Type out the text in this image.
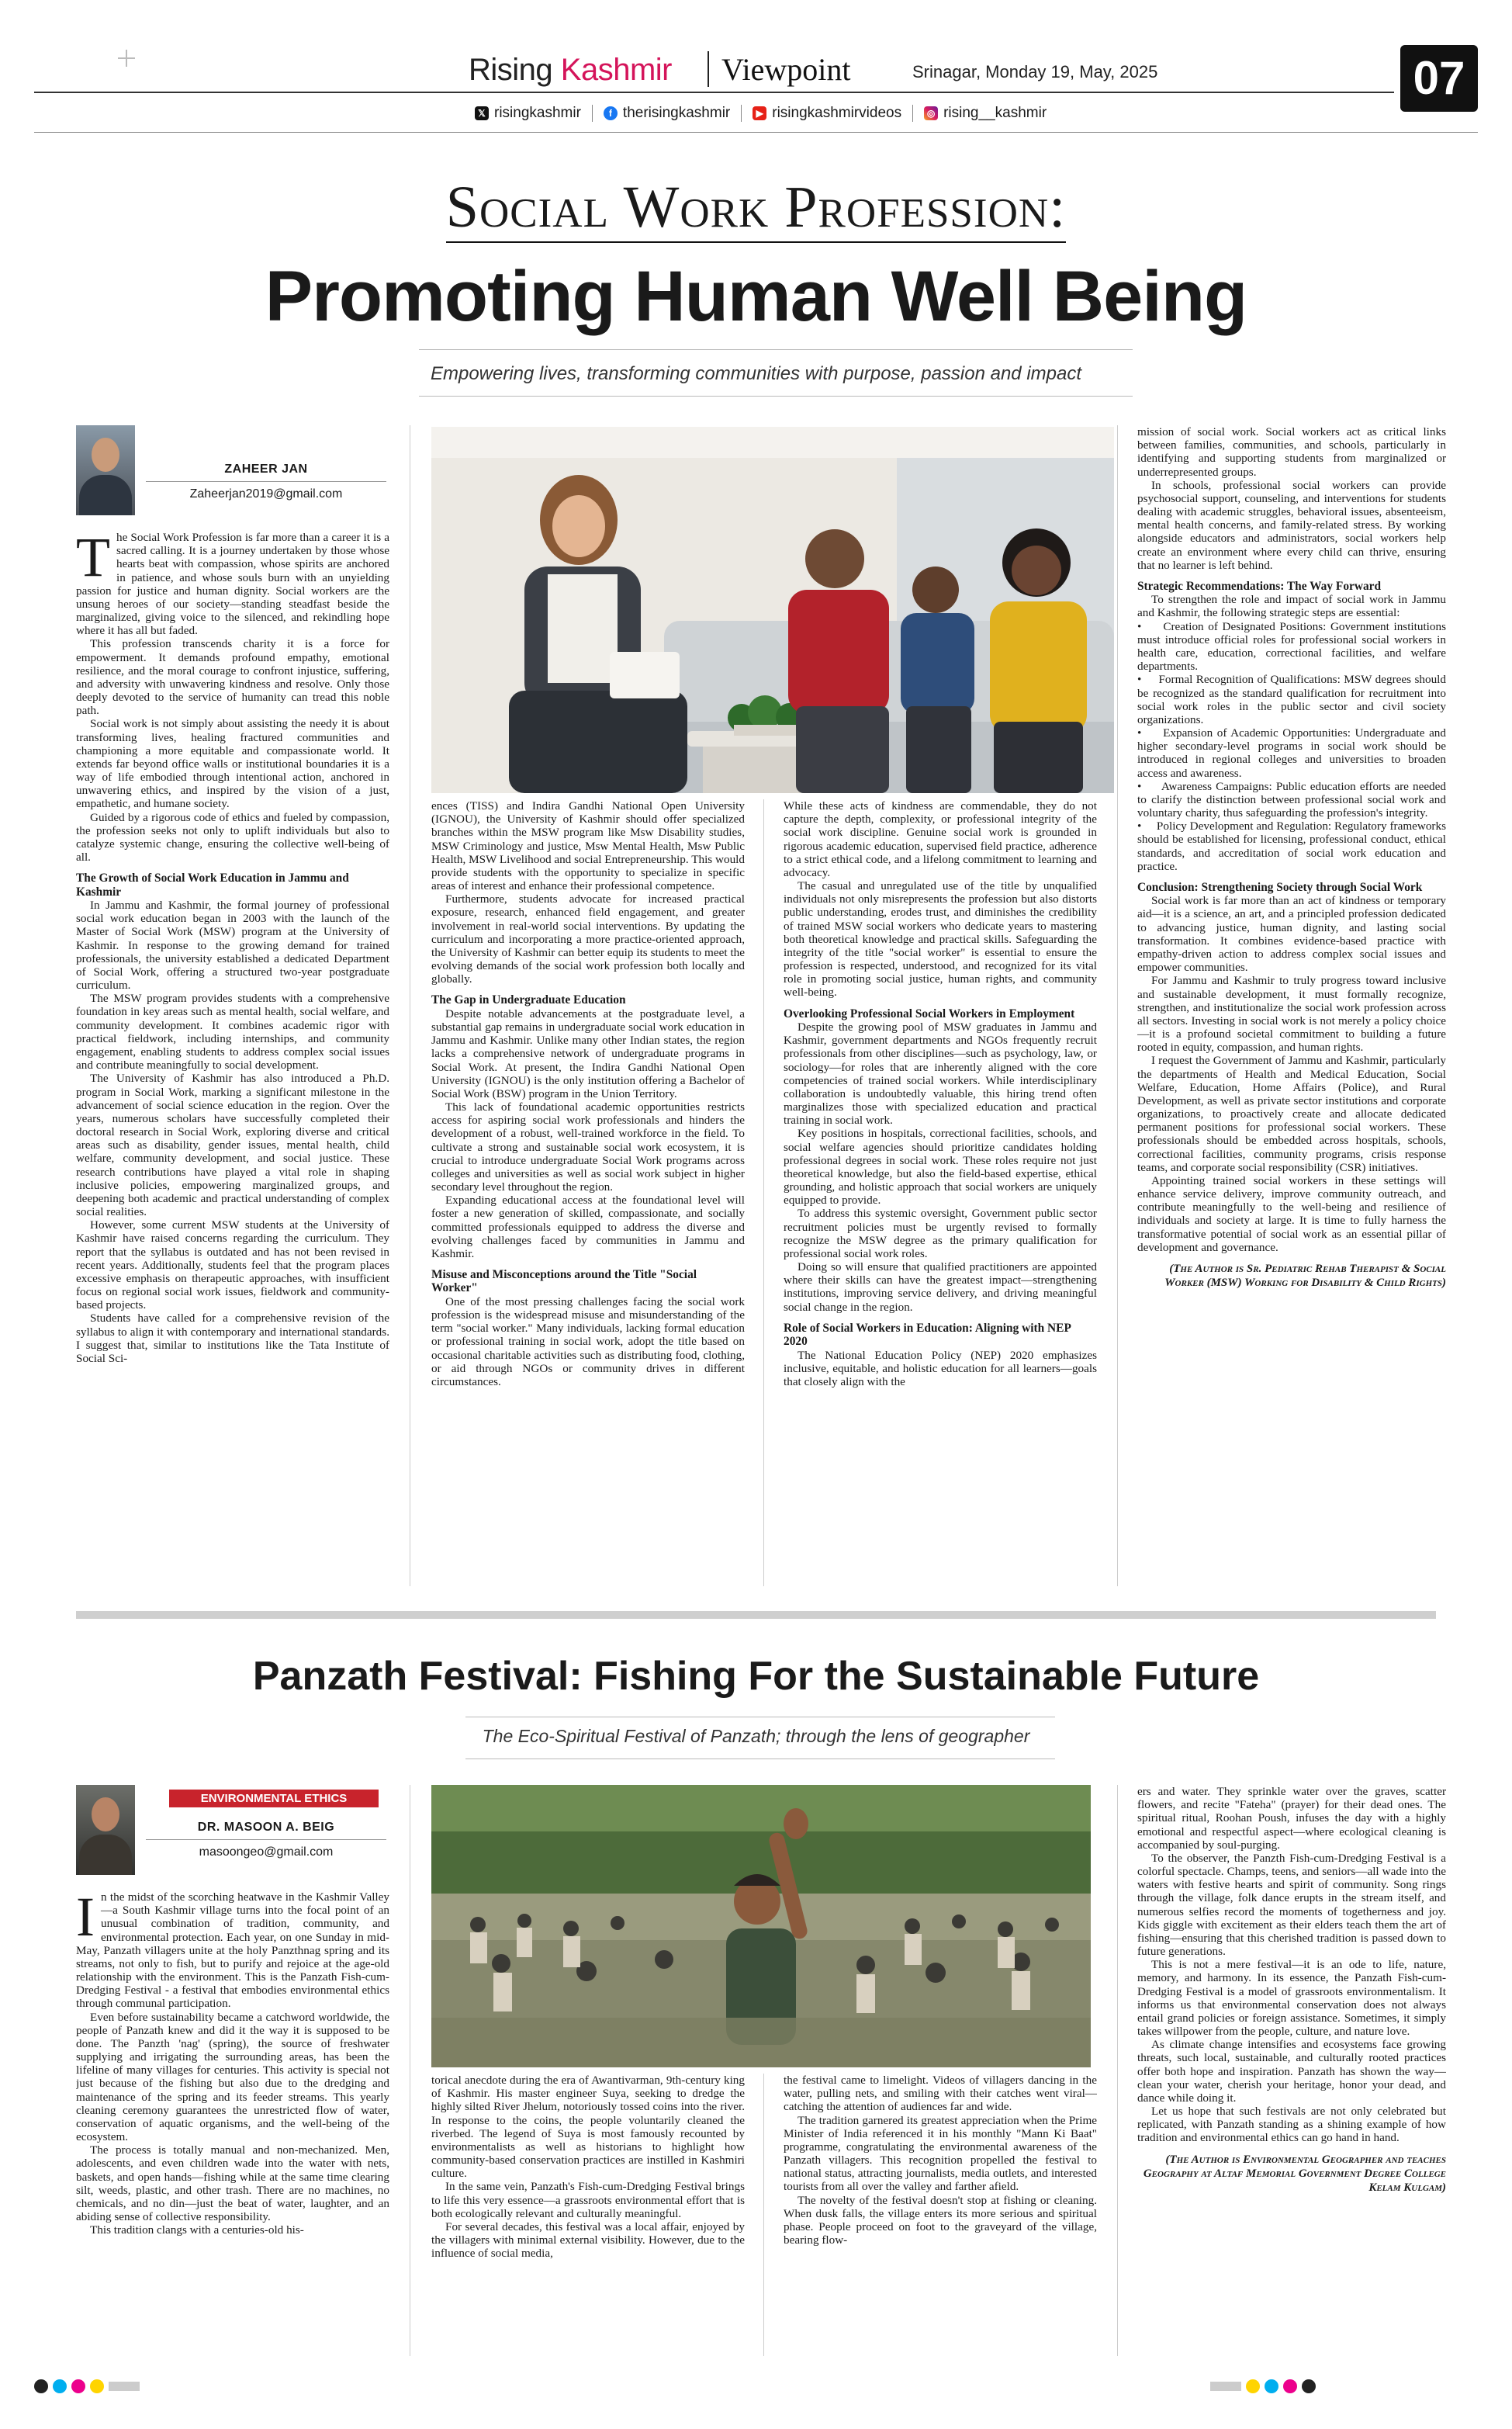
Rising Kashmir Viewpoint	Srinagar, Monday 19, May, 2025	07
𝕏 risingkashmir	f therisingkashmir	▶ risingkashmirvideos	◎ rising__kashmir
Social Work Profession:
Promoting Human Well Being
Empowering lives, transforming communities with purpose, passion and impact
ZAHEER JAN
Zaheerjan2019@gmail.com

The Social Work Profession is far more than a career it is a sacred calling. It is a journey undertaken by those whose hearts beat with compassion, whose spirits are anchored in patience, and whose souls burn with an unyielding passion for justice and human dignity. Social workers are the unsung heroes of our society—standing steadfast beside the marginalized, giving voice to the silenced, and rekindling hope where it has all but faded.

This profession transcends charity it is a force for empowerment. It demands profound empathy, emotional resilience, and the moral courage to confront injustice, suffering, and adversity with unwavering kindness and resolve. Only those deeply devoted to the service of humanity can tread this noble path.

Social work is not simply about assisting the needy it is about transforming lives, healing fractured communities and championing a more equitable and compassionate world. It extends far beyond office walls or institutional boundaries it is a way of life embodied through intentional action, anchored in unwavering ethics, and inspired by the vision of a just, empathetic, and humane society.

Guided by a rigorous code of ethics and fueled by compassion, the profession seeks not only to uplift individuals but also to catalyze systemic change, ensuring the collective well-being of all.

The Growth of Social Work Education in Jammu and Kashmir

In Jammu and Kashmir, the formal journey of professional social work education began in 2003 with the launch of the Master of Social Work (MSW) program at the University of Kashmir. In response to the growing demand for trained professionals, the university established a dedicated Department of Social Work, offering a structured two-year postgraduate curriculum.

The MSW program provides students with a comprehensive foundation in key areas such as mental health, social welfare, and community development. It combines academic rigor with practical fieldwork, including internships, and community engagement, enabling students to address complex social issues and contribute meaningfully to social development.

The University of Kashmir has also introduced a Ph.D. program in Social Work, marking a significant milestone in the advancement of social science education in the region. Over the years, numerous scholars have successfully completed their doctoral research in Social Work, exploring diverse and critical areas such as disability, gender issues, mental health, child welfare, community development, and social justice. These research contributions have played a vital role in shaping inclusive policies, empowering marginalized groups, and deepening both academic and practical understanding of complex social realities.

However, some current MSW students at the University of Kashmir have raised concerns regarding the curriculum. They report that the syllabus is outdated and has not been revised in recent years. Additionally, students feel that the program places excessive emphasis on therapeutic approaches, with insufficient focus on regional social work issues, fieldwork and community-based projects.

Students have called for a comprehensive revision of the syllabus to align it with contemporary and international standards. I suggest that, similar to institutions like the Tata Institute of Social Sci-

ences (TISS) and Indira Gandhi National Open University (IGNOU), the University of Kashmir should offer specialized branches within the MSW program like Msw Disability studies, MSW Criminology and justice, Msw Mental Health, Msw Public Health, MSW Livelihood and social Entrepreneurship. This would provide students with the opportunity to specialize in specific areas of interest and enhance their professional competence.

Furthermore, students advocate for increased practical exposure, research, enhanced field engagement, and greater involvement in real-world social interventions. By updating the curriculum and incorporating a more practice-oriented approach, the University of Kashmir can better equip its students to meet the evolving demands of the social work profession both locally and globally.

The Gap in Undergraduate Education

Despite notable advancements at the postgraduate level, a substantial gap remains in undergraduate social work education in Jammu and Kashmir. Unlike many other Indian states, the region lacks a comprehensive network of undergraduate programs in Social Work. At present, the Indira Gandhi National Open University (IGNOU) is the only institution offering a Bachelor of Social Work (BSW) program in the Union Territory.

This lack of foundational academic opportunities restricts access for aspiring social work professionals and hinders the development of a robust, well-trained workforce in the field. To cultivate a strong and sustainable social work ecosystem, it is crucial to introduce undergraduate Social Work programs across colleges and universities as well as social work subject in higher secondary level throughout the region.

Expanding educational access at the foundational level will foster a new generation of skilled, compassionate, and socially committed professionals equipped to address the diverse and evolving challenges faced by communities in Jammu and Kashmir.

Misuse and Misconceptions around the Title "Social Worker"

One of the most pressing challenges facing the social work profession is the widespread misuse and misunderstanding of the term "social worker." Many individuals, lacking formal education or professional training in social work, adopt the title based on occasional charitable activities such as distributing food, clothing, or aid through NGOs or community drives in different circumstances.

While these acts of kindness are commendable, they do not capture the depth, complexity, or professional integrity of the social work discipline. Genuine social work is grounded in rigorous academic education, supervised field practice, adherence to a strict ethical code, and a lifelong commitment to learning and advocacy.

The casual and unregulated use of the title by unqualified individuals not only misrepresents the profession but also distorts public understanding, erodes trust, and diminishes the credibility of trained MSW social workers who dedicate years to mastering both theoretical knowledge and practical skills. Safeguarding the integrity of the title "social worker" is essential to ensure the profession is respected, understood, and recognized for its vital role in promoting social justice, human rights, and community well-being.

Overlooking Professional Social Workers in Employment

Despite the growing pool of MSW graduates in Jammu and Kashmir, government departments and NGOs frequently recruit professionals from other disciplines—such as psychology, law, or sociology—for roles that are inherently aligned with the core competencies of trained social workers. While interdisciplinary collaboration is undoubtedly valuable, this hiring trend often marginalizes those with specialized education and practical training in social work.

Key positions in hospitals, correctional facilities, schools, and social welfare agencies should prioritize candidates holding professional degrees in social work. These roles require not just theoretical knowledge, but also the field-based expertise, ethical grounding, and holistic approach that social workers are uniquely equipped to provide.

To address this systemic oversight, Government public sector recruitment policies must be urgently revised to formally recognize the MSW degree as the primary qualification for professional social work roles.

Doing so will ensure that qualified practitioners are appointed where their skills can have the greatest impact—strengthening institutions, improving service delivery, and driving meaningful social change in the region.

Role of Social Workers in Education: Aligning with NEP 2020

The National Education Policy (NEP) 2020 emphasizes inclusive, equitable, and holistic education for all learners—goals that closely align with the

mission of social work. Social workers act as critical links between families, communities, and schools, particularly in identifying and supporting students from marginalized or underrepresented groups.

In schools, professional social workers can provide psychosocial support, counseling, and interventions for students dealing with academic struggles, behavioral issues, absenteeism, mental health concerns, and family-related stress. By working alongside educators and administrators, social workers help create an environment where every child can thrive, ensuring that no learner is left behind.

Strategic Recommendations: The Way Forward

To strengthen the role and impact of social work in Jammu and Kashmir, the following strategic steps are essential:

•     Creation of Designated Positions: Government institutions must introduce official roles for professional social workers in health care, education, correctional facilities, and welfare departments.
•     Formal Recognition of Qualifications: MSW degrees should be recognized as the standard qualification for recruitment into social work roles in the public sector and civil society organizations.
•     Expansion of Academic Opportunities: Undergraduate and higher secondary-level programs in social work should be introduced in regional colleges and universities to broaden access and awareness.
•     Awareness Campaigns: Public education efforts are needed to clarify the distinction between professional social work and voluntary charity, thus safeguarding the profession's integrity.
•     Policy Development and Regulation: Regulatory frameworks should be established for licensing, professional conduct, ethical standards, and accreditation of social work education and practice.
Conclusion: Strengthening Society through Social Work

Social work is far more than an act of kindness or temporary aid—it is a science, an art, and a principled profession dedicated to advancing justice, human dignity, and lasting social transformation. It combines evidence-based practice with empathy-driven action to address complex social issues and empower communities.

For Jammu and Kashmir to truly progress toward inclusive and sustainable development, it must formally recognize, strengthen, and institutionalize the social work profession across all sectors. Investing in social work is not merely a policy choice—it is a profound societal commitment to building a future rooted in equity, compassion, and human rights.

I request the Government of Jammu and Kashmir, particularly the departments of Health and Medical Education, Social Welfare, Education, Home Affairs (Police), and Rural Development, as well as private sector institutions and corporate organizations, to proactively create and allocate dedicated permanent positions for professional social workers. These professionals should be embedded across hospitals, schools, correctional facilities, community programs, crisis response teams, and corporate social responsibility (CSR) initiatives.

Appointing trained social workers in these settings will enhance service delivery, improve community outreach, and contribute meaningfully to the well-being and resilience of individuals and society at large. It is time to fully harness the transformative potential of social work as an essential pillar of development and governance.

(The Author is Sr. Pediatric Rehab Therapist & Social Worker (MSW) Working for Disability & Child Rights)
Panzath Festival: Fishing For the Sustainable Future
The Eco-Spiritual Festival of Panzath; through the lens of geographer
ENVIRONMENTAL ETHICS
DR. MASOON A. BEIG
masoongeo@gmail.com

In the midst of the scorching heatwave in the Kashmir Valley—a South Kashmir village turns into the focal point of an unusual combination of tradition, community, and environmental protection. Each year, on one Sunday in mid-May, Panzath villagers unite at the holy Panzthnag spring and its streams, not only to fish, but to purify and rejoice at the age-old relationship with the environment. This is the Panzath Fish-cum-Dredging Festival - a festival that embodies environmental ethics through communal participation.

Even before sustainability became a catchword worldwide, the people of Panzath knew and did it the way it is supposed to be done. The Panzth 'nag' (spring), the source of freshwater supplying and irrigating the surrounding areas, has been the lifeline of many villages for centuries. This activity is special not just because of the fishing but also due to the dredging and maintenance of the spring and its feeder streams. This yearly cleaning ceremony guarantees the unrestricted flow of water, conservation of aquatic organisms, and the well-being of the ecosystem.

The process is totally manual and non-mechanized. Men, adolescents, and even children wade into the water with nets, baskets, and open hands—fishing while at the same time clearing silt, weeds, plastic, and other trash. There are no machines, no chemicals, and no din—just the beat of water, laughter, and an abiding sense of collective responsibility.

This tradition clangs with a centuries-old his-

torical anecdote during the era of Awantivarman, 9th-century king of Kashmir. His master engineer Suya, seeking to dredge the highly silted River Jhelum, notoriously tossed coins into the river. In response to the coins, the people voluntarily cleaned the riverbed. The legend of Suya is most famously recounted by environmentalists as well as historians to highlight how community-based conservation practices are instilled in Kashmiri culture.

In the same vein, Panzath's Fish-cum-Dredging Festival brings to life this very essence—a grassroots environmental effort that is both ecologically relevant and culturally meaningful.

For several decades, this festival was a local affair, enjoyed by the villagers with minimal external visibility. However, due to the influence of social media,

the festival came to limelight. Videos of villagers dancing in the water, pulling nets, and smiling with their catches went viral—catching the attention of audiences far and wide.

The tradition garnered its greatest appreciation when the Prime Minister of India referenced it in his monthly "Mann Ki Baat" programme, congratulating the environmental awareness of the Panzath villagers. This recognition propelled the festival to national status, attracting journalists, media outlets, and interested tourists from all over the valley and farther afield.

The novelty of the festival doesn't stop at fishing or cleaning. When dusk falls, the village enters its more serious and spiritual phase. People proceed on foot to the graveyard of the village, bearing flow-

ers and water. They sprinkle water over the graves, scatter flowers, and recite "Fateha" (prayer) for their dead ones. The spiritual ritual, Roohan Poush, infuses the day with a highly emotional and respectful aspect—where ecological cleaning is accompanied by soul-purging.

To the observer, the Panzth Fish-cum-Dredging Festival is a colorful spectacle. Champs, teens, and seniors—all wade into the waters with festive hearts and spirit of community. Song rings through the village, folk dance erupts in the stream itself, and numerous selfies record the moments of togetherness and joy. Kids giggle with excitement as their elders teach them the art of fishing—ensuring that this cherished tradition is passed down to future generations.

This is not a mere festival—it is an ode to life, nature, memory, and harmony. In its essence, the Panzath Fish-cum-Dredging Festival is a model of grassroots environmentalism. It informs us that environmental conservation does not always entail grand policies or foreign assistance. Sometimes, it simply takes willpower from the people, culture, and nature love.

As climate change intensifies and ecosystems face growing threats, such local, sustainable, and culturally rooted practices offer both hope and inspiration. Panzath has shown the way—clean your water, cherish your heritage, honor your dead, and dance while doing it.

Let us hope that such festivals are not only celebrated but replicated, with Panzath standing as a shining example of how tradition and environmental ethics can go hand in hand.

(The Author is Environmental Geographer and teaches Geography at Altaf Memorial Government Degree College Kelam Kulgam)
